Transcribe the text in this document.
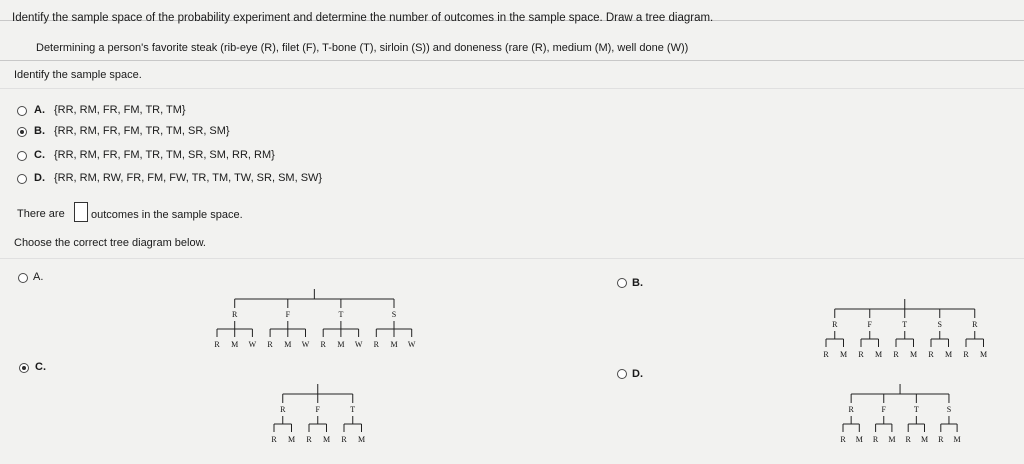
Identify the sample space of the probability experiment and determine the number of outcomes in the sample space. Draw a tree diagram.
Determining a person's favorite steak (rib-eye (R), filet (F), T-bone (T), sirloin (S)) and doneness (rare (R), medium (M), well done (W))
Identify the sample space.
A. {RR, RM, FR, FM, TR, TM}
B. {RR, RM, FR, FM, TR, TM, SR, SM}
C. {RR, RM, FR, FM, TR, TM, SR, SM, RR, RM}
D. {RR, RM, RW, FR, FM, FW, TR, TM, TW, SR, SM, SW}
There are outcomes in the sample space.
Choose the correct tree diagram below.
A.	B.
C.
D.
R	F	T	S
R M W R M W R M W R M W
R	F	T	S	R
R M R M R M R M R M
R	F	T
R M R M R M
R	F	T	S
R M R M R M R M
